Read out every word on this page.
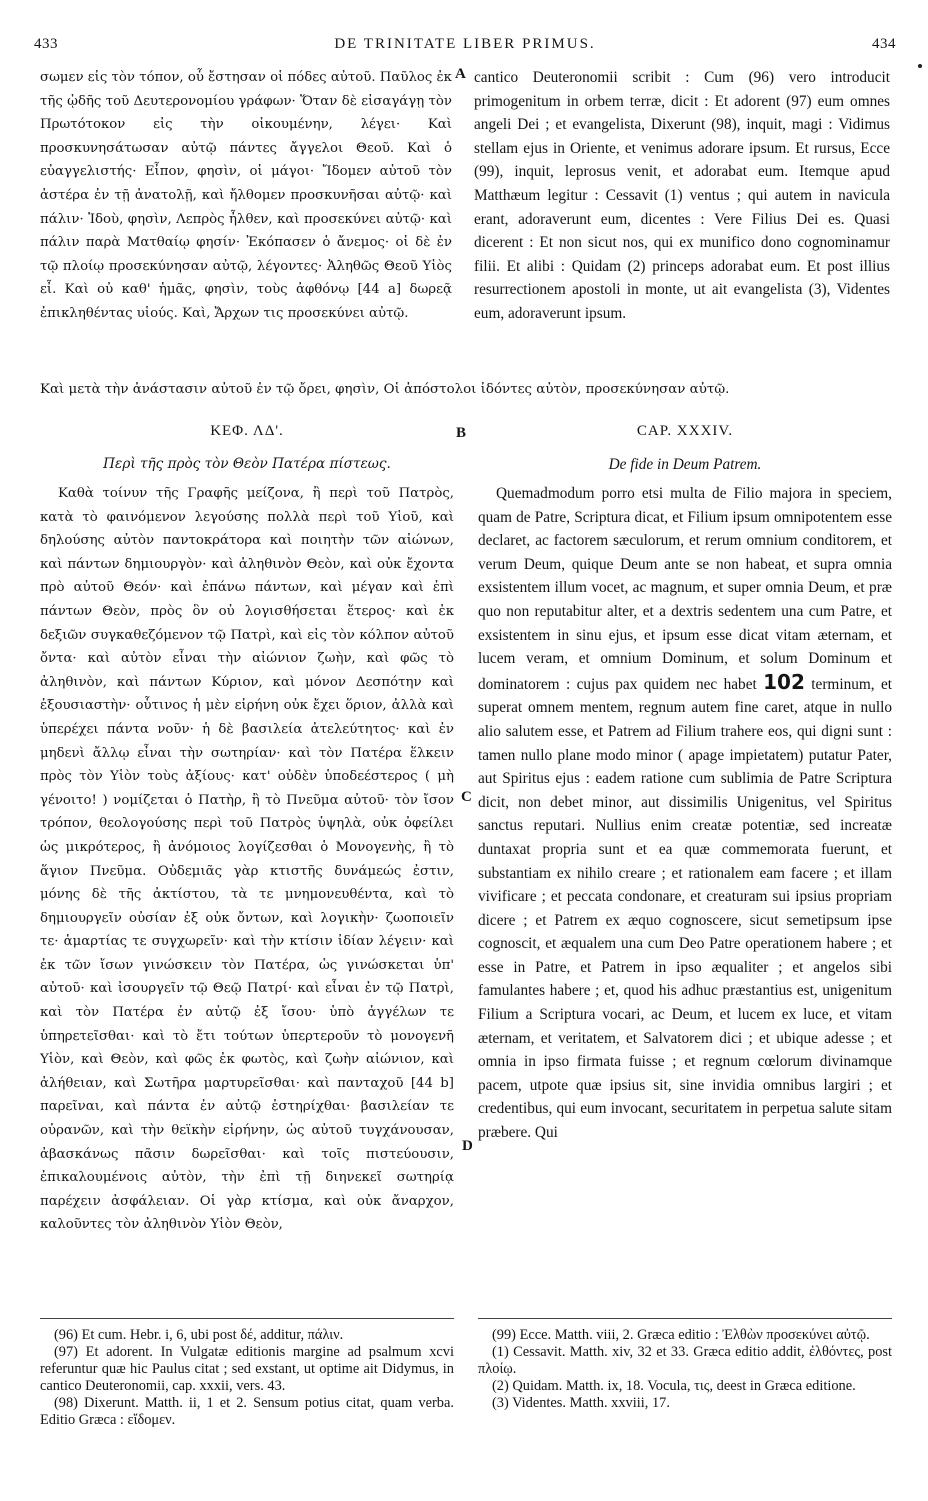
433	DE TRINITATE LIBER PRIMUS.	434

σωμεν εἰς τὸν τόπον, οὗ ἔστησαν οἱ πόδες αὐτοῦ. Παῦλος ἐκ τῆς ᾠδῆς τοῦ Δευτερονομίου γράφων· Ὅταν δὲ εἰσαγάγῃ τὸν Πρωτότοκον εἰς τὴν οἰκουμένην, λέγει· Καὶ προσκυνησάτωσαν αὐτῷ πάντες ἄγγελοι Θεοῦ. Καὶ ὁ εὐαγγελιστής· Εἶπον, φησὶν, οἱ μάγοι· Ἴδομεν αὐτοῦ τὸν ἀστέρα ἐν τῇ ἀνατολῇ, καὶ ἤλθομεν προσκυνῆσαι αὐτῷ· καὶ πάλιν· Ἰδοὺ, φησὶν, Λεπρὸς ἦλθεν, καὶ προσεκύνει αὐτῷ· καὶ πάλιν παρὰ Ματθαίῳ φησίν· Ἐκόπασεν ὁ ἄνεμος· οἱ δὲ ἐν τῷ πλοίῳ προσεκύνησαν αὐτῷ, λέγοντες· Ἀληθῶς Θεοῦ Υἱὸς εἶ. Καὶ οὐ καθ' ἡμᾶς, φησὶν, τοὺς ἀφθόνῳ [44 a] δωρεᾷ ἐπικληθέντας υἱούς. Καὶ, Ἄρχων τις προσεκύνει αὐτῷ.

cantico Deuteronomii scribit : Cum (96) vero introducit primogenitum in orbem terræ, dicit : Et adorent (97) eum omnes angeli Dei ; et evangelista, Dixerunt (98), inquit, magi : Vidimus stellam ejus in Oriente, et venimus adorare ipsum. Et rursus, Ecce (99), inquit, leprosus venit, et adorabat eum. Itemque apud Matthæum legitur : Cessavit (1) ventus ; qui autem in navicula erant, adoraverunt eum, dicentes : Vere Filius Dei es. Quasi dicerent : Et non sicut nos, qui ex munifico dono cognominamur filii. Et alibi : Quidam (2) princeps adorabat eum. Et post illius resurrectionem apostoli in monte, ut ait evangelista (3), Videntes eum, adoraverunt ipsum.

Καὶ μετὰ τὴν ἀνάστασιν αὐτοῦ ἐν τῷ ὄρει, φησὶν, Οἱ ἀπόστολοι ἰδόντες αὐτὸν, προσεκύνησαν αὐτῷ.
A
B
C
D
ΚΕΦ. ΛΔ'.	CAP. XXXIV.
Περὶ τῆς πρὸς τὸν Θεὸν Πατέρα πίστεως.	De fide in Deum Patrem.

Καθὰ τοίνυν τῆς Γραφῆς μείζονα, ἢ περὶ τοῦ Πατρὸς, κατὰ τὸ φαινόμενον λεγούσης πολλὰ περὶ τοῦ Υἱοῦ, καὶ δηλούσης αὐτὸν παντοκράτορα καὶ ποιητὴν τῶν αἰώνων, καὶ πάντων δημιουργὸν· καὶ ἀληθινὸν Θεὸν, καὶ οὐκ ἔχοντα πρὸ αὐτοῦ Θεόν· καὶ ἐπάνω πάντων, καὶ μέγαν καὶ ἐπὶ πάντων Θεὸν, πρὸς ὃν οὐ λογισθήσεται ἕτερος· καὶ ἐκ δεξιῶν συγκαθεζόμενον τῷ Πατρὶ, καὶ εἰς τὸν κόλπον αὐτοῦ ὄντα· καὶ αὐτὸν εἶναι τὴν αἰώνιον ζωὴν, καὶ φῶς τὸ ἀληθινὸν, καὶ πάντων Κύριον, καὶ μόνον Δεσπότην καὶ ἐξουσιαστὴν· οὗτινος ἡ μὲν εἰρήνη οὐκ ἔχει ὅριον, ἀλλὰ καὶ ὑπερέχει πάντα νοῦν· ἡ δὲ βασιλεία ἀτελεύτητος· καὶ ἐν μηδενὶ ἄλλῳ εἶναι τὴν σωτηρίαν· καὶ τὸν Πατέρα ἕλκειν πρὸς τὸν Υἱὸν τοὺς ἀξίους· κατ' οὐδὲν ὑποδεέστερος ( μὴ γένοιτο! ) νομίζεται ὁ Πατὴρ, ἢ τὸ Πνεῦμα αὐτοῦ· τὸν ἴσον τρόπον, θεολογούσης περὶ τοῦ Πατρὸς ὑψηλὰ, οὐκ ὀφείλει ὡς μικρότερος, ἢ ἀνόμοιος λογίζεσθαι ὁ Μονογενὴς, ἢ τὸ ἅγιον Πνεῦμα. Οὐδεμιᾶς γὰρ κτιστῆς δυνάμεώς ἐστιν, μόνης δὲ τῆς ἀκτίστου, τὰ τε μνημονευθέντα, καὶ τὸ δημιουργεῖν οὐσίαν ἐξ οὐκ ὄντων, καὶ λογικὴν· ζωοποιεῖν τε· ἁμαρτίας τε συγχωρεῖν· καὶ τὴν κτίσιν ἰδίαν λέγειν· καὶ ἐκ τῶν ἴσων γινώσκειν τὸν Πατέρα, ὡς γινώσκεται ὑπ' αὐτοῦ· καὶ ἰσουργεῖν τῷ Θεῷ Πατρί· καὶ εἶναι ἐν τῷ Πατρὶ, καὶ τὸν Πατέρα ἐν αὐτῷ ἐξ ἴσου· ὑπὸ ἀγγέλων τε ὑπηρετεῖσθαι· καὶ τὸ ἔτι τούτων ὑπερτεροῦν τὸ μονογενῆ Υἱὸν, καὶ Θεὸν, καὶ φῶς ἐκ φωτὸς, καὶ ζωὴν αἰώνιον, καὶ ἀλήθειαν, καὶ Σωτῆρα μαρτυρεῖσθαι· καὶ πανταχοῦ [44 b] παρεῖναι, καὶ πάντα ἐν αὐτῷ ἐστηρίχθαι· βασιλείαν τε οὐρανῶν, καὶ τὴν θεϊκὴν εἰρήνην, ὡς αὐτοῦ τυγχάνουσαν, ἀβασκάνως πᾶσιν δωρεῖσθαι· καὶ τοῖς πιστεύουσιν, ἐπικαλουμένοις αὐτὸν, τὴν ἐπὶ τῇ διηνεκεῖ σωτηρίᾳ παρέχειν ἀσφάλειαν. Οἱ γὰρ κτίσμα, καὶ οὐκ ἄναρχον, καλοῦντες τὸν ἀληθινὸν Υἱὸν Θεὸν,

Quemadmodum porro etsi multa de Filio majora in speciem, quam de Patre, Scriptura dicat, et Filium ipsum omnipotentem esse declaret, ac factorem sæculorum, et rerum omnium conditorem, et verum Deum, quique Deum ante se non habeat, et supra omnia exsistentem illum vocet, ac magnum, et super omnia Deum, et præ quo non reputabitur alter, et a dextris sedentem una cum Patre, et exsistentem in sinu ejus, et ipsum esse dicat vitam æternam, et lucem veram, et omnium Dominum, et solum Dominum et dominatorem : cujus pax quidem nec habet 102 terminum, et superat omnem mentem, regnum autem fine caret, atque in nullo alio salutem esse, et Patrem ad Filium trahere eos, qui digni sunt : tamen nullo plane modo minor ( apage impietatem) putatur Pater, aut Spiritus ejus : eadem ratione cum sublimia de Patre Scriptura dicit, non debet minor, aut dissimilis Unigenitus, vel Spiritus sanctus reputari. Nullius enim creatæ potentiæ, sed increatæ duntaxat propria sunt et ea quæ commemorata fuerunt, et substantiam ex nihilo creare ; et rationalem eam facere ; et illam vivificare ; et peccata condonare, et creaturam sui ipsius propriam dicere ; et Patrem ex æquo cognoscere, sicut semetipsum ipse cognoscit, et æqualem una cum Deo Patre operationem habere ; et esse in Patre, et Patrem in ipso æqualiter ; et angelos sibi famulantes habere ; et, quod his adhuc præstantius est, unigenitum Filium a Scriptura vocari, ac Deum, et lucem ex luce, et vitam æternam, et veritatem, et Salvatorem dici ; et ubique adesse ; et omnia in ipso firmata fuisse ; et regnum cœlorum divinamque pacem, utpote quæ ipsius sit, sine invidia omnibus largiri ; et credentibus, qui eum invocant, securitatem in perpetua salute sitam præbere. Qui

(96) Et cum. Hebr. i, 6, ubi post δέ, additur, πάλιν.

(97) Et adorent. In Vulgatæ editionis margine ad psalmum xcvi referuntur quæ hic Paulus citat ; sed exstant, ut optime ait Didymus, in cantico Deuteronomii, cap. xxxii, vers. 43.

(98) Dixerunt. Matth. ii, 1 et 2. Sensum potius citat, quam verba. Editio Græca : εἴδομεν.

(99) Ecce. Matth. viii, 2. Græca editio : Ἐλθὼν προσεκύνει αὐτῷ.

(1) Cessavit. Matth. xiv, 32 et 33. Græca editio addit, ἐλθόντες, post πλοίῳ.

(2) Quidam. Matth. ix, 18. Vocula, τις, deest in Græca editione.

(3) Videntes. Matth. xxviii, 17.
